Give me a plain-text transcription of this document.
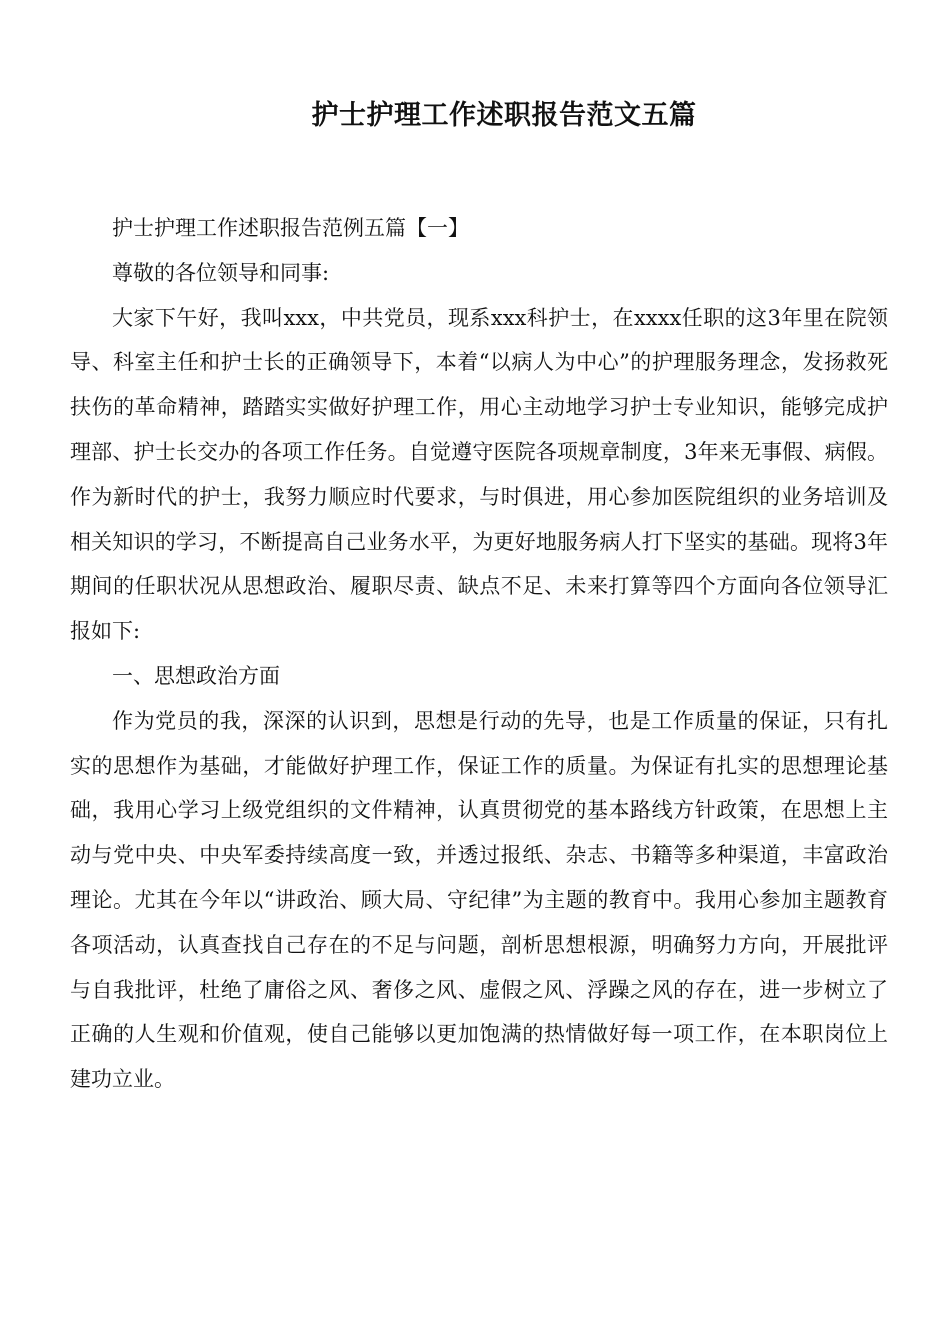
护士护理工作述职报告范文五篇

护士护理工作述职报告范例五篇【一】

尊敬的各位领导和同事:

大家下午好，我叫xxx，中共党员，现系xxx科护士，在xxxx任职的这3年里在院领导、科室主任和护士长的正确领导下，本着“以病人为中心”的护理服务理念，发扬救死扶伤的革命精神，踏踏实实做好护理工作，用心主动地学习护士专业知识，能够完成护理部、护士长交办的各项工作任务。自觉遵守医院各项规章制度，3年来无事假、病假。作为新时代的护士，我努力顺应时代要求，与时俱进，用心参加医院组织的业务培训及相关知识的学习，不断提高自己业务水平，为更好地服务病人打下坚实的基础。现将3年期间的任职状况从思想政治、履职尽责、缺点不足、未来打算等四个方面向各位领导汇报如下:

一、思想政治方面

作为党员的我，深深的认识到，思想是行动的先导，也是工作质量的保证，只有扎实的思想作为基础，才能做好护理工作，保证工作的质量。为保证有扎实的思想理论基础，我用心学习上级党组织的文件精神，认真贯彻党的基本路线方针政策，在思想上主动与党中央、中央军委持续高度一致，并透过报纸、杂志、书籍等多种渠道，丰富政治理论。尤其在今年以“讲政治、顾大局、守纪律”为主题的教育中。我用心参加主题教育各项活动，认真查找自己存在的不足与问题，剖析思想根源，明确努力方向，开展批评与自我批评，杜绝了庸俗之风、奢侈之风、虚假之风、浮躁之风的存在，进一步树立了正确的人生观和价值观，使自己能够以更加饱满的热情做好每一项工作，在本职岗位上建功立业。
